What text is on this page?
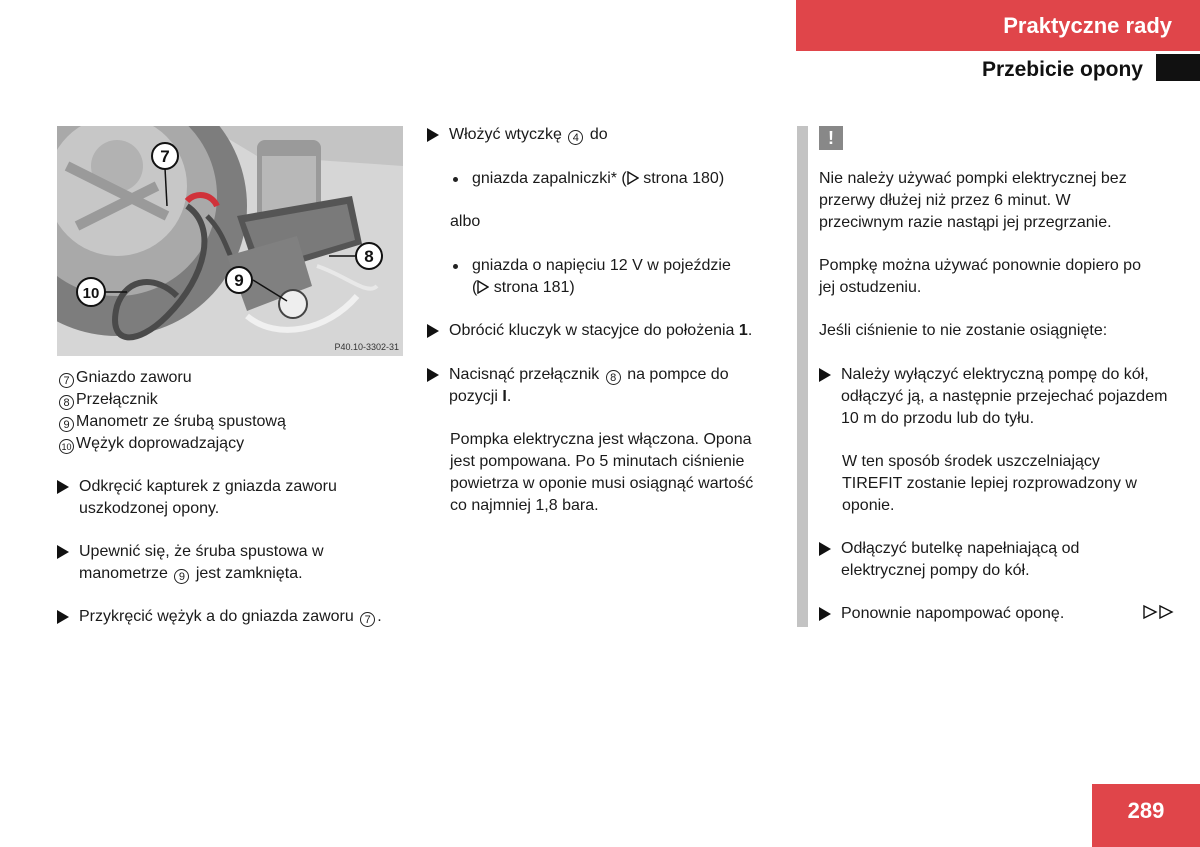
Praktyczne rady
Przebicie opony
7
8
9
10
P40.10-3302-31
7 Gniazdo zaworu
8 Przełącznik
9 Manometr ze śrubą spustową
10 Wężyk doprowadzający
Odkręcić kapturek z gniazda zaworu uszkodzonej opony.
Upewnić się, że śruba spustowa w manometrze 9 jest zamknięta.
Przykręcić wężyk a do gniazda zaworu 7 .
Włożyć wtyczkę 4 do
gniazda zapalniczki* ( strona 180)
albo
gniazda o napięciu 12 V w pojeździe
( strona 181)
Obrócić kluczyk w stacyjce do położenia 1.
Nacisnąć przełącznik 8 na pompce do pozycji I.
Pompka elektryczna jest włączona. Opona jest pompowana. Po 5 minutach ciśnienie powietrza w oponie musi osiągnąć wartość co najmniej 1,8 bara.
!
Nie należy używać pompki elektrycznej bez przerwy dłużej niż przez 6 minut. W przeciwnym razie nastąpi jej przegrzanie.
Pompkę można używać ponownie dopiero po jej ostudzeniu.
Jeśli ciśnienie to nie zostanie osiągnięte:
Należy wyłączyć elektryczną pompę do kół, odłączyć ją, a następnie przejechać pojazdem 10 m do przodu lub do tyłu.
W ten sposób środek uszczelniający TIREFIT zostanie lepiej rozprowadzony w oponie.
Odłączyć butelkę napełniającą od elektrycznej pompy do kół.
Ponownie napompować oponę.
289
